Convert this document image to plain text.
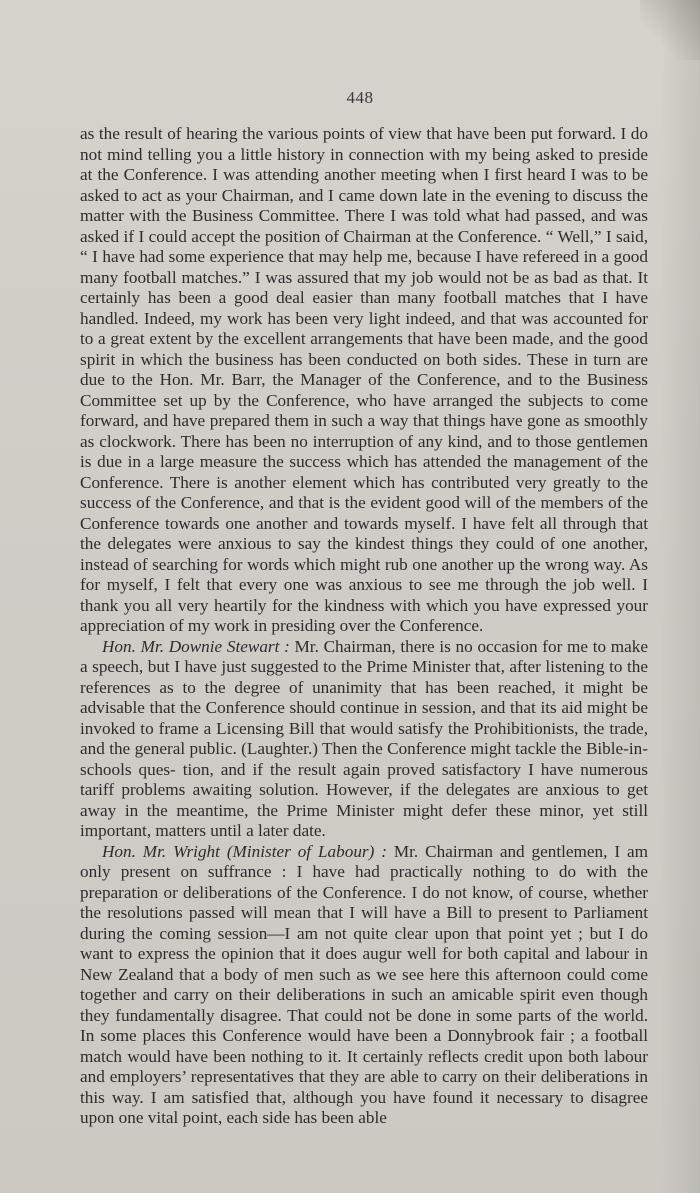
448

as the result of hearing the various points of view that have been put forward. I do not mind telling you a little history in connection with my being asked to preside at the Conference. I was attending another meeting when I first heard I was to be asked to act as your Chairman, and I came down late in the evening to discuss the matter with the Business Committee. There I was told what had passed, and was asked if I could accept the position of Chairman at the Conference. “ Well,” I said, “ I have had some experience that may help me, because I have refereed in a good many football matches.” I was assured that my job would not be as bad as that. It certainly has been a good deal easier than many football matches that I have handled. Indeed, my work has been very light indeed, and that was accounted for to a great extent by the excellent arrangements that have been made, and the good spirit in which the business has been conducted on both sides. These in turn are due to the Hon. Mr. Barr, the Manager of the Conference, and to the Business Committee set up by the Conference, who have arranged the subjects to come forward, and have prepared them in such a way that things have gone as smoothly as clockwork. There has been no interruption of any kind, and to those gentlemen is due in a large measure the success which has attended the management of the Conference. There is another element which has contributed very greatly to the success of the Conference, and that is the evident good will of the members of the Conference towards one another and towards myself. I have felt all through that the delegates were anxious to say the kindest things they could of one another, instead of searching for words which might rub one another up the wrong way. As for myself, I felt that every one was anxious to see me through the job well. I thank you all very heartily for the kindness with which you have expressed your appreciation of my work in presiding over the Conference.

Hon. Mr. Downie Stewart : Mr. Chairman, there is no occasion for me to make a speech, but I have just suggested to the Prime Minister that, after listening to the references as to the degree of unanimity that has been reached, it might be advisable that the Conference should continue in session, and that its aid might be invoked to frame a Licensing Bill that would satisfy the Prohibitionists, the trade, and the general public. (Laughter.) Then the Conference might tackle the Bible-in-schools ques- tion, and if the result again proved satisfactory I have numerous tariff problems awaiting solution. However, if the delegates are anxious to get away in the meantime, the Prime Minister might defer these minor, yet still important, matters until a later date.

Hon. Mr. Wright (Minister of Labour) : Mr. Chairman and gentlemen, I am only present on suffrance : I have had practically nothing to do with the preparation or deliberations of the Conference. I do not know, of course, whether the resolutions passed will mean that I will have a Bill to present to Parliament during the coming session—I am not quite clear upon that point yet ; but I do want to express the opinion that it does augur well for both capital and labour in New Zealand that a body of men such as we see here this afternoon could come together and carry on their deliberations in such an amicable spirit even though they fundamentally disagree. That could not be done in some parts of the world. In some places this Conference would have been a Donnybrook fair ; a football match would have been nothing to it. It certainly reflects credit upon both labour and employers’ representatives that they are able to carry on their deliberations in this way. I am satisfied that, although you have found it necessary to disagree upon one vital point, each side has been able
